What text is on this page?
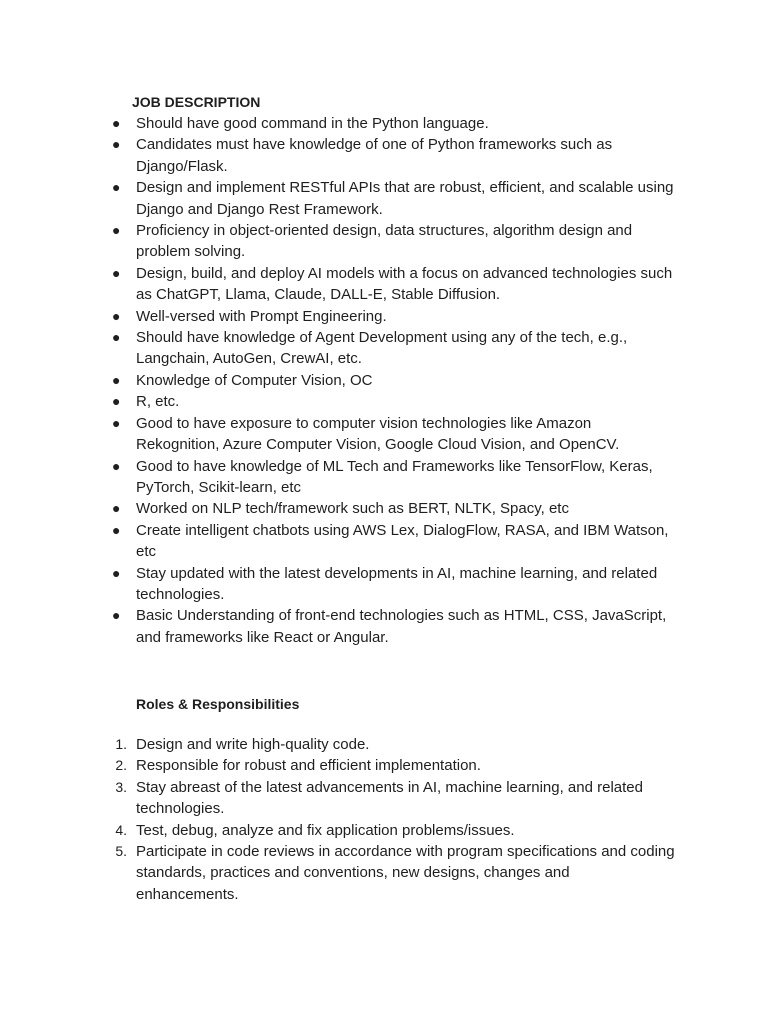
JOB DESCRIPTION
● Should have good command in the Python language.
● Candidates must have knowledge of one of Python frameworks such as Django/Flask.
● Design and implement RESTful APIs that are robust, efficient, and scalable using Django and Django Rest Framework.
● Proficiency in object-oriented design, data structures, algorithm design and problem solving.
● Design, build, and deploy AI models with a focus on advanced technologies such as ChatGPT, Llama, Claude, DALL-E, Stable Diffusion.
● Well-versed with Prompt Engineering.
● Should have knowledge of Agent Development using any of the tech, e.g., Langchain, AutoGen, CrewAI, etc.
● Knowledge of Computer Vision, OC
● R, etc.
● Good to have exposure to computer vision technologies like Amazon Rekognition, Azure Computer Vision, Google Cloud Vision, and OpenCV.
● Good to have knowledge of ML Tech and Frameworks like TensorFlow, Keras, PyTorch, Scikit-learn, etc
● Worked on NLP tech/framework such as BERT, NLTK, Spacy, etc
● Create intelligent chatbots using AWS Lex, DialogFlow, RASA, and IBM Watson, etc
● Stay updated with the latest developments in AI, machine learning, and related technologies.
● Basic Understanding of front-end technologies such as HTML, CSS, JavaScript, and frameworks like React or Angular.
Roles & Responsibilities
1. Design and write high-quality code.
2. Responsible for robust and efficient implementation.
3. Stay abreast of the latest advancements in AI, machine learning, and related technologies.
4. Test, debug, analyze and fix application problems/issues.
5. Participate in code reviews in accordance with program specifications and coding standards, practices and conventions, new designs, changes and enhancements.
